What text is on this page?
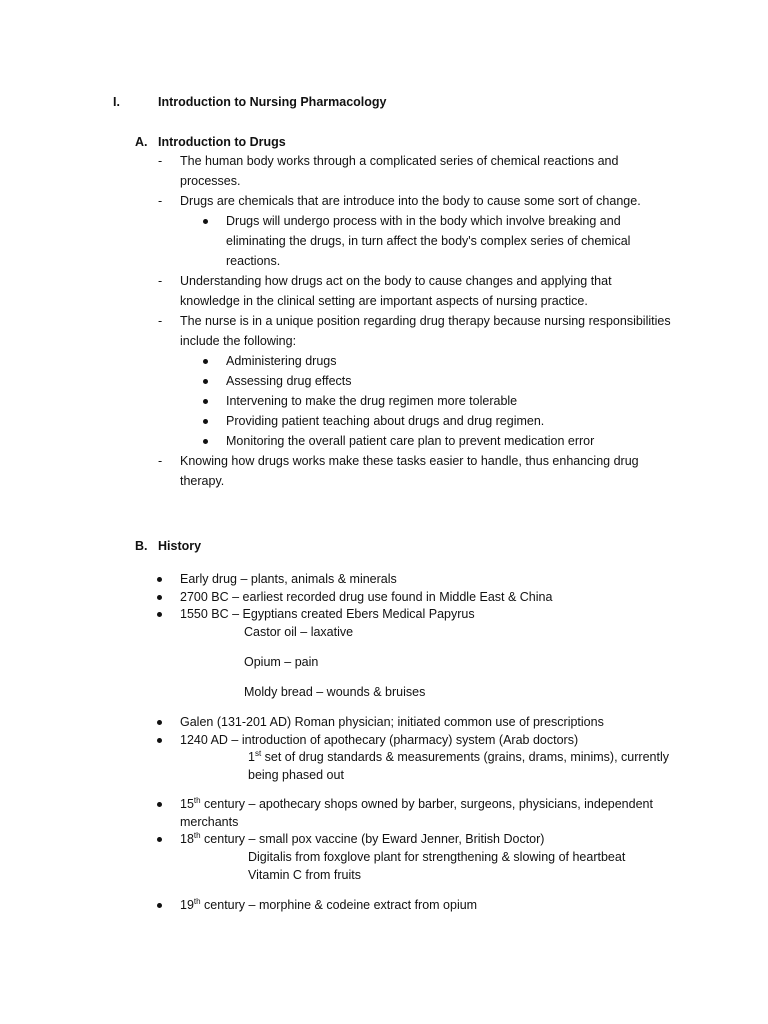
I.	Introduction to Nursing Pharmacology
A. Introduction to Drugs
- The human body works through a complicated series of chemical reactions and
processes.
- Drugs are chemicals that are introduce into the body to cause some sort of change.
Drugs will undergo process with in the body which involve breaking and
eliminating the drugs, in turn affect the body's complex series of chemical
reactions.
- Understanding how drugs act on the body to cause changes and applying that
knowledge in the clinical setting are important aspects of nursing practice.
- The nurse is in a unique position regarding drug therapy because nursing responsibilities
include the following:
Administering drugs
Assessing drug effects
Intervening to make the drug regimen more tolerable
Providing patient teaching about drugs and drug regimen.
Monitoring the overall patient care plan to prevent medication error
- Knowing how drugs works make these tasks easier to handle, thus enhancing drug
therapy.
B. History
Early drug – plants, animals & minerals
2700 BC – earliest recorded drug use found in Middle East & China
1550 BC – Egyptians created Ebers Medical Papyrus
Castor oil – laxative
Opium – pain
Moldy bread – wounds & bruises
Galen (131-201 AD) Roman physician; initiated common use of prescriptions
1240 AD – introduction of apothecary (pharmacy) system (Arab doctors)
1st set of drug standards & measurements (grains, drams, minims), currently
being phased out
15th century – apothecary shops owned by barber, surgeons, physicians, independent
merchants
18th century – small pox vaccine (by Eward Jenner, British Doctor)
Digitalis from foxglove plant for strengthening & slowing of heartbeat
Vitamin C from fruits
19th century – morphine & codeine extract from opium
